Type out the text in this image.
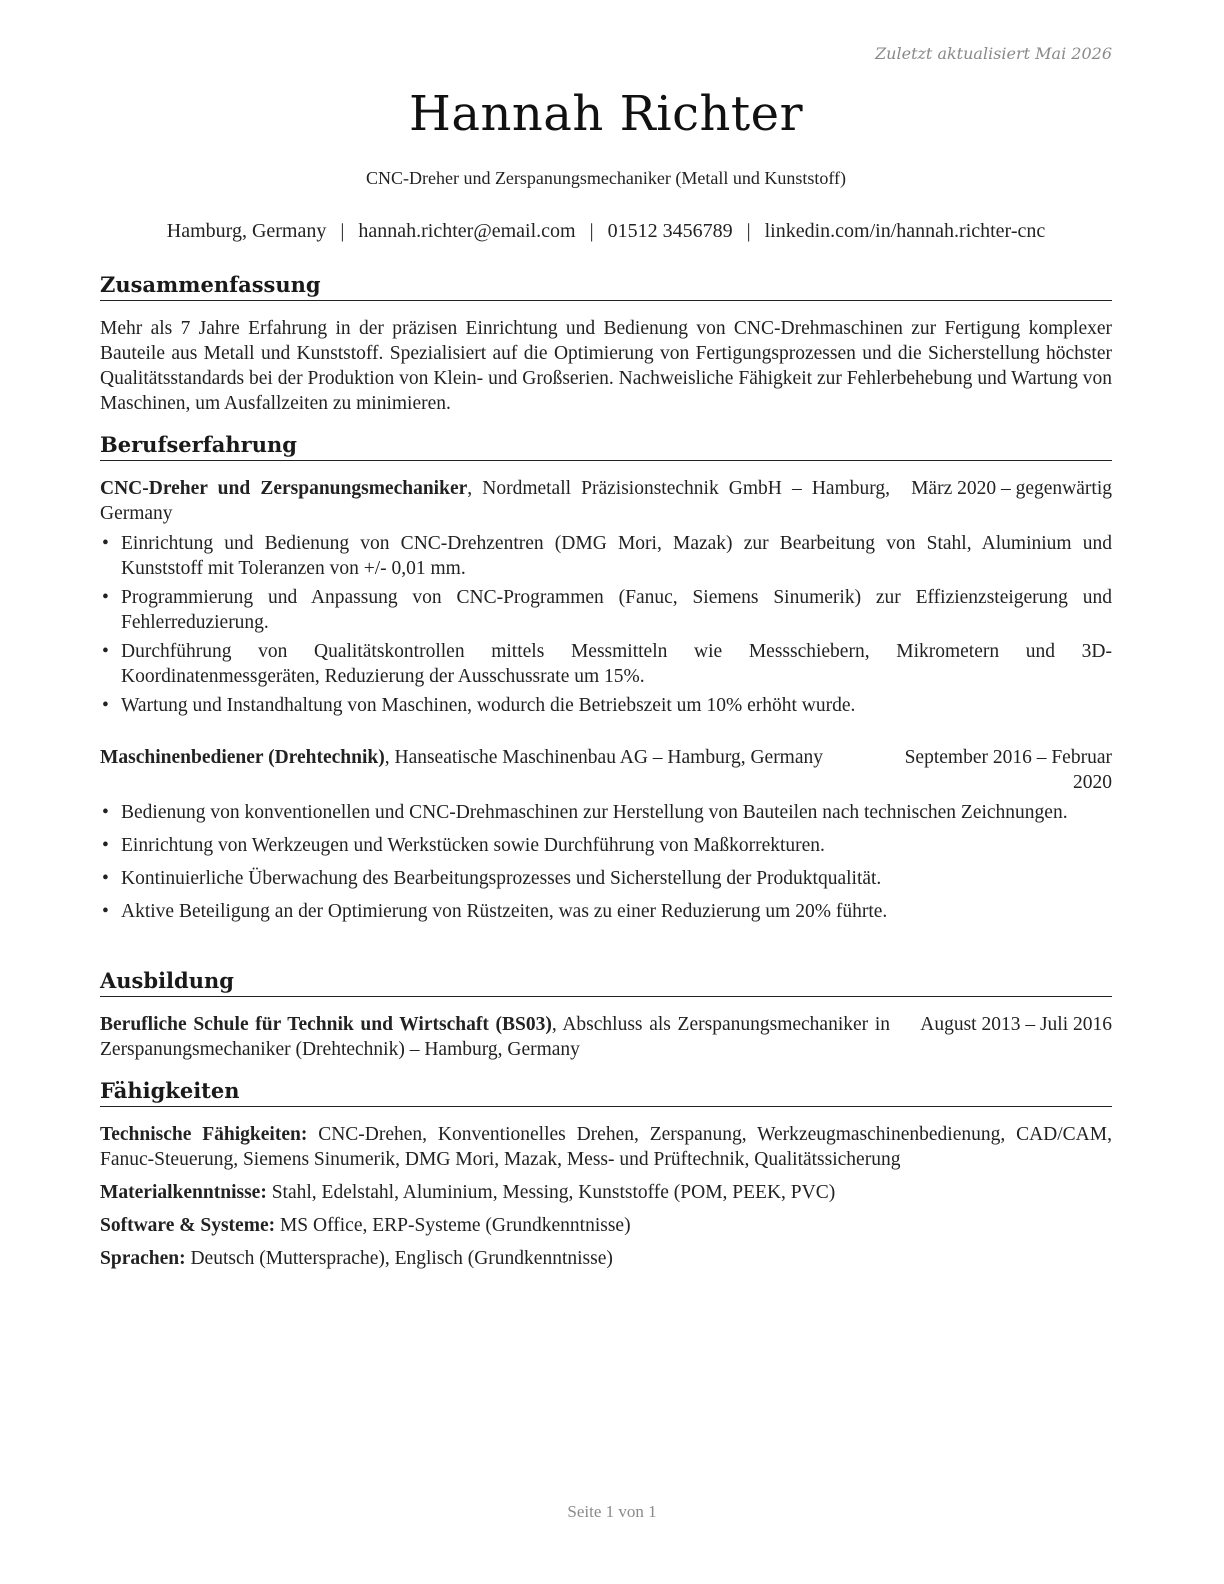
Zuletzt aktualisiert Mai 2026
Hannah Richter
CNC-Dreher und Zerspanungsmechaniker (Metall und Kunststoff)
Hamburg, Germany | hannah.richter@email.com | 01512 3456789 | linkedin.com/in/hannah.richter-cnc
Zusammenfassung
Mehr als 7 Jahre Erfahrung in der präzisen Einrichtung und Bedienung von CNC-Drehmaschinen zur Fertigung komplexer Bauteile aus Metall und Kunststoff. Spezialisiert auf die Optimierung von Fertigungsprozessen und die Sicherstellung höchster Qualitätsstandards bei der Produktion von Klein- und Großserien. Nachweisliche Fähigkeit zur Fehlerbehebung und Wartung von Maschinen, um Ausfallzeiten zu minimieren.
Berufserfahrung
CNC-Dreher und Zerspanungsmechaniker, Nordmetall Präzisionstechnik GmbH – Hamburg, Germany
März 2020 – gegenwärtig
• Einrichtung und Bedienung von CNC-Drehzentren (DMG Mori, Mazak) zur Bearbeitung von Stahl, Aluminium und Kunststoff mit Toleranzen von +/- 0,01 mm.
• Programmierung und Anpassung von CNC-Programmen (Fanuc, Siemens Sinumerik) zur Effizienzsteigerung und Fehlerreduzierung.
• Durchführung von Qualitätskontrollen mittels Messmitteln wie Messschiebern, Mikrometern und 3D-Koordinatenmessgeräten, Reduzierung der Ausschussrate um 15%.
• Wartung und Instandhaltung von Maschinen, wodurch die Betriebszeit um 10% erhöht wurde.
Maschinenbediener (Drehtechnik), Hanseatische Maschinenbau AG – Hamburg, Germany	September 2016 – Februar 2020
• Bedienung von konventionellen und CNC-Drehmaschinen zur Herstellung von Bauteilen nach technischen Zeichnungen.
• Einrichtung von Werkzeugen und Werkstücken sowie Durchführung von Maßkorrekturen.
• Kontinuierliche Überwachung des Bearbeitungsprozesses und Sicherstellung der Produktqualität.
• Aktive Beteiligung an der Optimierung von Rüstzeiten, was zu einer Reduzierung um 20% führte.
Ausbildung
Berufliche Schule für Technik und Wirtschaft (BS03), Abschluss als Zerspanungsmechaniker in Zerspanungsmechaniker (Drehtechnik) – Hamburg, Germany
August 2013 – Juli 2016
Fähigkeiten
Technische Fähigkeiten: CNC-Drehen, Konventionelles Drehen, Zerspanung, Werkzeugmaschinenbedienung, CAD/CAM, Fanuc-Steuerung, Siemens Sinumerik, DMG Mori, Mazak, Mess- und Prüftechnik, Qualitätssicherung
Materialkenntnisse: Stahl, Edelstahl, Aluminium, Messing, Kunststoffe (POM, PEEK, PVC)
Software & Systeme: MS Office, ERP-Systeme (Grundkenntnisse)
Sprachen: Deutsch (Muttersprache), Englisch (Grundkenntnisse)
Seite 1 von 1
